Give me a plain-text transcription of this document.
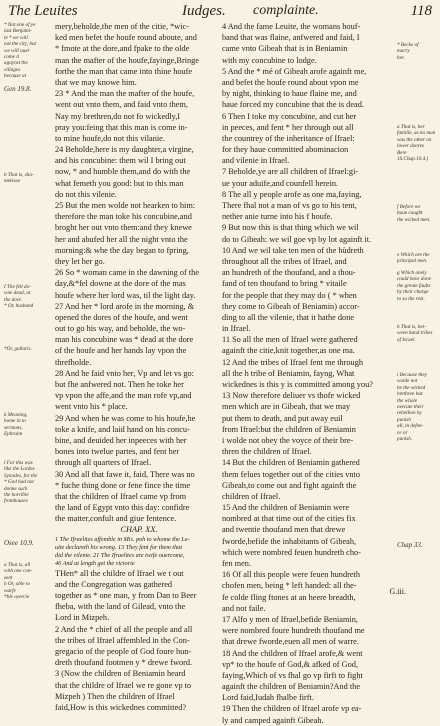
The Leuites	Iudges. complainte.	118
* Not one of ye
last Benjami-
te * we will
not the city, but
we will ouer
come it
agaynst the
villages
because at
Gen 19.8.
b That is, sha-
melesse
I The fell do-
wne dead, at
the dore.
* Or, husband
*Or, gallaris.
k Meaning,
home in to
sermons,
Ephraim
l For this was
like the Lordes
Synodes, for the
* God had not
donne such
the horrible
fromhouses
Osee 10.9.
a That is, all
with one con-
sent
b Or, able to
warfe
*ble oyercie
mery,beholde,the men of the citie, *wic-
ked men befet the houfe round aboute, and
* fmote at the dore,and fpake to the olde
man the mafter of the houfe,fayinge,Bringe
forthe the man that came into thine houfe
that we may knowe him.
23 * And the man the mafter of the houfe,
went out vnto them, and faid vnto them,
Nay my brethren,do not fo wickedly,I
pray you:feing that this man is come in-
to mine houfe,do not this vilanie.
24 Beholde,here is my daughter,a virgine,
and his concubine: them wil I bring out
now, * and humble them,and do with the
what femeth you good: but to this man
do not this vilenie.
25 But the men wolde not hearken to him:
therefore the man toke his concubine,and
broght her out vnto them:and they knewe
her and abufed her all the night vnto the
morning:& whe the day began to fpring,
they let her go.
26 So * woman came in the dawning of the
day,&*fel downe at the dore of the mas
houfe where her lord was, til the light day.
27 And her * lord arofe in the morning, &
opened the dores of the houfe, and went
out to go his way, and beholde, the wo-
man his concubine was * dead at the dore
of the houfe and her hands lay vpon the
threfholde.
28 And he faid vnto her, Vp and let vs go:
but fhe anfwered not. Then he toke her
vp vpon the affe,and the man rofe vp,and
went vnto his * place.
29 And when he was come to his houfe,he
toke a knife, and laid hand on his concu-
bine, and deuided her inpeeces with her
bones into twelue partes, and fent her
through all quarters of Ifrael.
30 And all that fawe it, faid, There was no
* fuche thing done or fene fince the time
that the children of Ifrael came vp from
the land of Egypt vnto this day: confidre
the matter,confult and giue fentence.
CHAP. XX.
1 The Ifraelites affemble in Mis. poh to whome the Le-
uite declareth his wrong. 13 They fent for them that
did the vilenie. 21 The Ifraelites are twife ouercome,
46 And at length get the victorie
THen* all the childre of Ifrael we t out
and the Congregation was gathered
together as * one man, y from Dan to Beer
fheba, with the land of Gilead, vnto the
Lord in Mizpeh.
2 And the * chief of all the people and all
the tribes of Ifrael affembled in the Con-
gregacio of the people of God foure hun-
dreth thoufand footmen y * drewe fword.
3 (Now the children of Beniamin heard
that the childre of Ifrael we re gone vp to
Mizpeh ) Then the children of Ifrael
faid,How is this wickednes committed?
4 And the fame Leuite, the womans houf-
band that was flaine, anfwered and faid, I
came vnto Gibeah that is in Beniamin
with my concubine to lodge.
5 And the * mé of Gibeah arofe againft me,
and befet the houfe round about vpon me
by night, thinking to haue flaine me, and
haue forced my concubine that the is dead.
6 Then I toke my concubine, and cut her
in peeces, and fent * her through out all
the countrey of the inheritance of Ifrael:
for they haue committed abominacion
and vilenie in Ifrael.
7 Beholde,ye are all children of Ifrael:gi-
ue your aduife,and counfell herein.
8 The all y people arofe as one ma,faying,
There fhal not a man of vs go to his tent,
nether anie turne into his f houfe.
9 But now this is that thing which we wil
do to Gibeah: we wil goe vp by lot againft it.
10 And we wil take ten men of the hùdreth
throughout all the tribes of Ifrael, and
an hundreth of the thoufand, and a thou-
fand of ten thoufand to bring * vitaile
for the people that they may do ( * when
they come to Gibeah of Beniamin) accor-
ding to all the vilenie, that it hathe done
in Ifrael.
11 So all the men of Ifrael were gathered
againft the citie,knit together,as one ma.
12 And the tribes of Ifrael fent me through
all the h tribe of Beniamin, fayng, What
wickednes is this y is committed among you?
13 Now therefore deliuer vs thofe wicked
men which are in Gibeah, that we may
put them to death, and put away euil
from Ifrael:but the children of Beniamin
i wolde not obey the voyce of their bre-
thren the children of Ifrael.
14 But the children of Beniamin gathered
them felues together out of the cities vnto
Gibeah,to come out and fight againft the
children of Ifrael.
15 And the children of Beniamin were
nombred at that time out of the cities fix
and twentie thoufand men that drewe
fworde,befide the inhabitants of Gibeah,
which were nombred feuen hundreth cho-
fen men.
16 Of all this people were feuen hundreth
chofen men, being * left handed: all the-
fe colde fling ftones at an heere breadth,
and not faile.
17 Alfo y men of Ifrael,befide Beniamin,
were nombred foure hundreth thoufand me
that drewe fworde,euen all men of warre.
18 And the children of Ifrael arofe,& went
vp* to the houfe of God,& afked of God,
faying,Which of vs fhal go vp firft to fight
againft the children of Beniamin?And the
Lord faid,Iudah fhalbe firft.
19 Then the children of Ifrael arofe vp ea-
ly and camped againft Gibeah.
* Becke of
marry
her.

a That is, her
familie, as no man
was the other on
lower doores
Bere 1S.Chap.10.4.)
f Before we
haue caught
the wicked men.
e Which are the
principal men.
g Which onely
could have done
the greate faults
by their charge
to so the rest.
h That is, bet-
ween hand tribes
of Israel.
i Because they
wolde not
be the wicked
brethren but
the whole
execute their
rebellion by
punish
all, in defen-
ce or
punish.
Chap 33.
G.iii.
